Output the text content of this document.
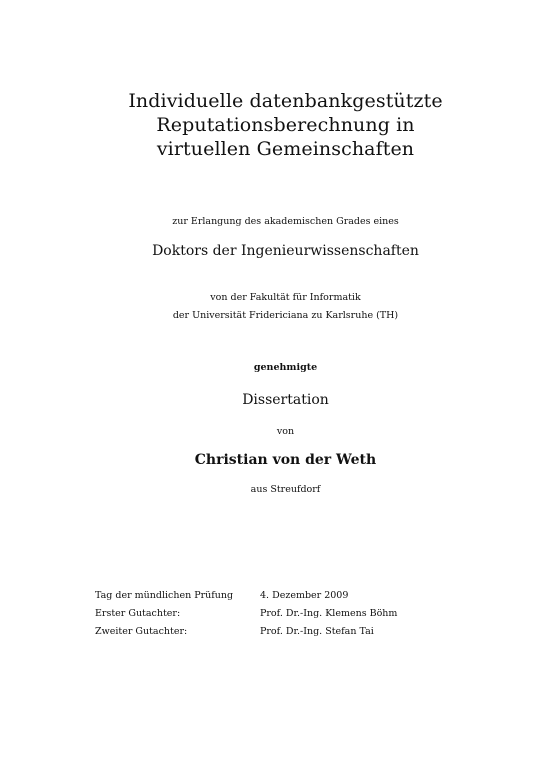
Individuelle datenbankgestützte
Reputationsberechnung in
virtuellen Gemeinschaften
zur Erlangung des akademischen Grades eines
Doktors der Ingenieurwissenschaften
von der Fakultät für Informatik
der Universität Fridericiana zu Karlsruhe (TH)
genehmigte
Dissertation
von
Christian von der Weth
aus Streufdorf
Tag der mündlichen Prüfung	4. Dezember 2009
Erster Gutachter:	Prof. Dr.-Ing. Klemens Böhm
Zweiter Gutachter:	Prof. Dr.-Ing. Stefan Tai
